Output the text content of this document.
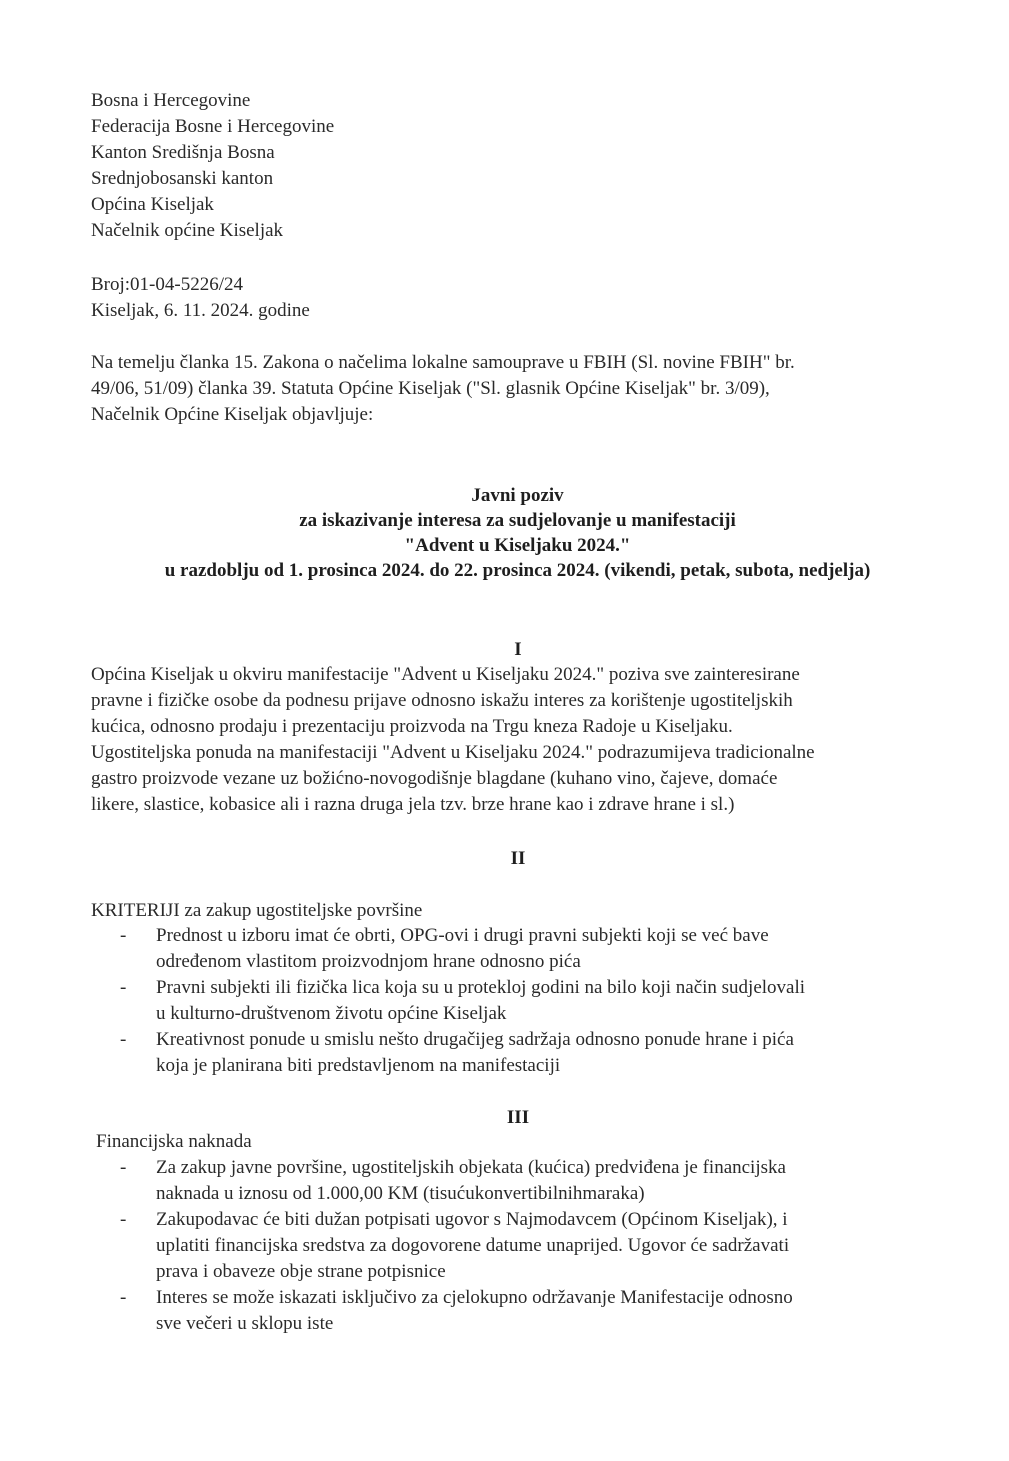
Bosna i Hercegovine
Federacija Bosne i Hercegovine
Kanton Središnja Bosna
Srednjobosanski kanton
Općina Kiseljak
Načelnik općine Kiseljak
Broj:01-04-5226/24
Kiseljak, 6. 11. 2024. godine
Na temelju članka 15. Zakona o načelima lokalne samouprave u FBIH (Sl. novine FBIH" br.
49/06, 51/09) članka 39. Statuta Općine Kiseljak ("Sl. glasnik Općine Kiseljak" br. 3/09),
Načelnik Općine Kiseljak objavljuje:
Javni poziv
za iskazivanje interesa za sudjelovanje u manifestaciji
"Advent u Kiseljaku 2024."
u razdoblju od 1. prosinca 2024. do 22. prosinca 2024. (vikendi, petak, subota, nedjelja)
I
Općina Kiseljak u okviru manifestacije "Advent u Kiseljaku 2024." poziva sve zainteresirane
pravne i fizičke osobe da podnesu prijave odnosno iskažu interes za korištenje ugostiteljskih
kućica, odnosno prodaju i prezentaciju proizvoda na Trgu kneza Radoje u Kiseljaku.
Ugostiteljska ponuda na manifestaciji "Advent u Kiseljaku 2024." podrazumijeva tradicionalne
gastro proizvode vezane uz božićno-novogodišnje blagdane (kuhano vino, čajeve, domaće
likere, slastice, kobasice ali i razna druga jela tzv. brze hrane kao i zdrave hrane i sl.)
II
KRITERIJI za zakup ugostiteljske površine
- Prednost u izboru imat će obrti, OPG-ovi i drugi pravni subjekti koji se već bave
određenom vlastitom proizvodnjom hrane odnosno pića
- Pravni subjekti ili fizička lica koja su u protekloj godini na bilo koji način sudjelovali
u kulturno-društvenom životu općine Kiseljak
- Kreativnost ponude u smislu nešto drugačijeg sadržaja odnosno ponude hrane i pića
koja je planirana biti predstavljenom na manifestaciji
III
Financijska naknada
- Za zakup javne površine, ugostiteljskih objekata (kućica) predviđena je financijska
naknada u iznosu od 1.000,00 KM (tisućukonvertibilnihmaraka)
- Zakupodavac će biti dužan potpisati ugovor s Najmodavcem (Općinom Kiseljak), i
uplatiti financijska sredstva za dogovorene datume unaprijed. Ugovor će sadržavati
prava i obaveze obje strane potpisnice
- Interes se može iskazati isključivo za cjelokupno održavanje Manifestacije odnosno
sve večeri u sklopu iste
